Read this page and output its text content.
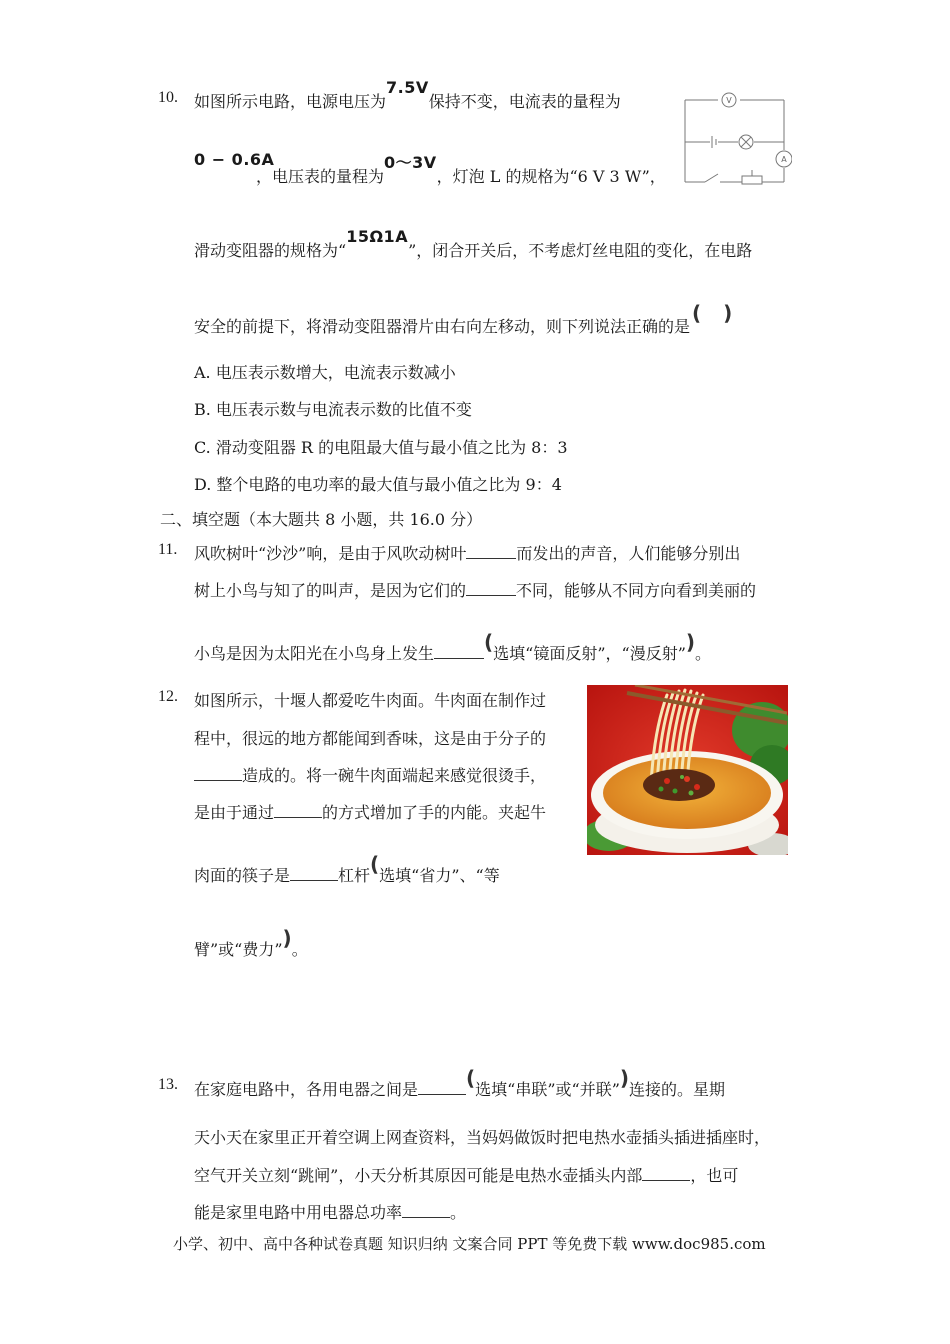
10. 如图所示电路，电源电压为7.5V保持不变，电流表的量程为
0 − 0.6A
，电压表的量程为0～3V，灯泡 L 的规格为“6 V 3 W”，
V
A
滑动变阻器的规格为“15Ω1A”，闭合开关后，不考虑灯丝电阻的变化，在电路
安全的前提下，将滑动变阻器滑片由右向左移动，则下列说法正确的是( )
A. 电压表示数增大，电流表示数减小
B. 电压表示数与电流表示数的比值不变
C. 滑动变阻器 R 的电阻最大值与最小值之比为 8：3
D. 整个电路的电功率的最大值与最小值之比为 9：4
二、填空题（本大题共 8 小题，共 16.0 分）
11. 风吹树叶“沙沙”响，是由于风吹动树叶	而发出的声音，人们能够分别出
树上小鸟与知了的叫声，是因为它们的	不同，能够从不同方向看到美丽的
小鸟是因为太阳光在小鸟身上发生	(选填“镜面反射”，“漫反射”)。
12. 如图所示，十堰人都爱吃牛肉面。牛肉面在制作过
程中，很远的地方都能闻到香味，这是由于分子的
造成的。将一碗牛肉面端起来感觉很烫手，
是由于通过	的方式增加了手的内能。夹起牛
肉面的筷子是	杠杆(选填“省力”、“等
臂”或“费力”)。
13. 在家庭电路中，各用电器之间是 (选填“串联”或“并联”)连接的。星期
天小天在家里正开着空调上网查资料，当妈妈做饭时把电热水壶插头插进插座时，
空气开关立刻“跳闸”，小天分析其原因可能是电热水壶插头内部	，也可
能是家里电路中用电器总功率	。
小学、初中、高中各种试卷真题 知识归纳 文案合同 PPT 等免费下载 www.doc985.com
